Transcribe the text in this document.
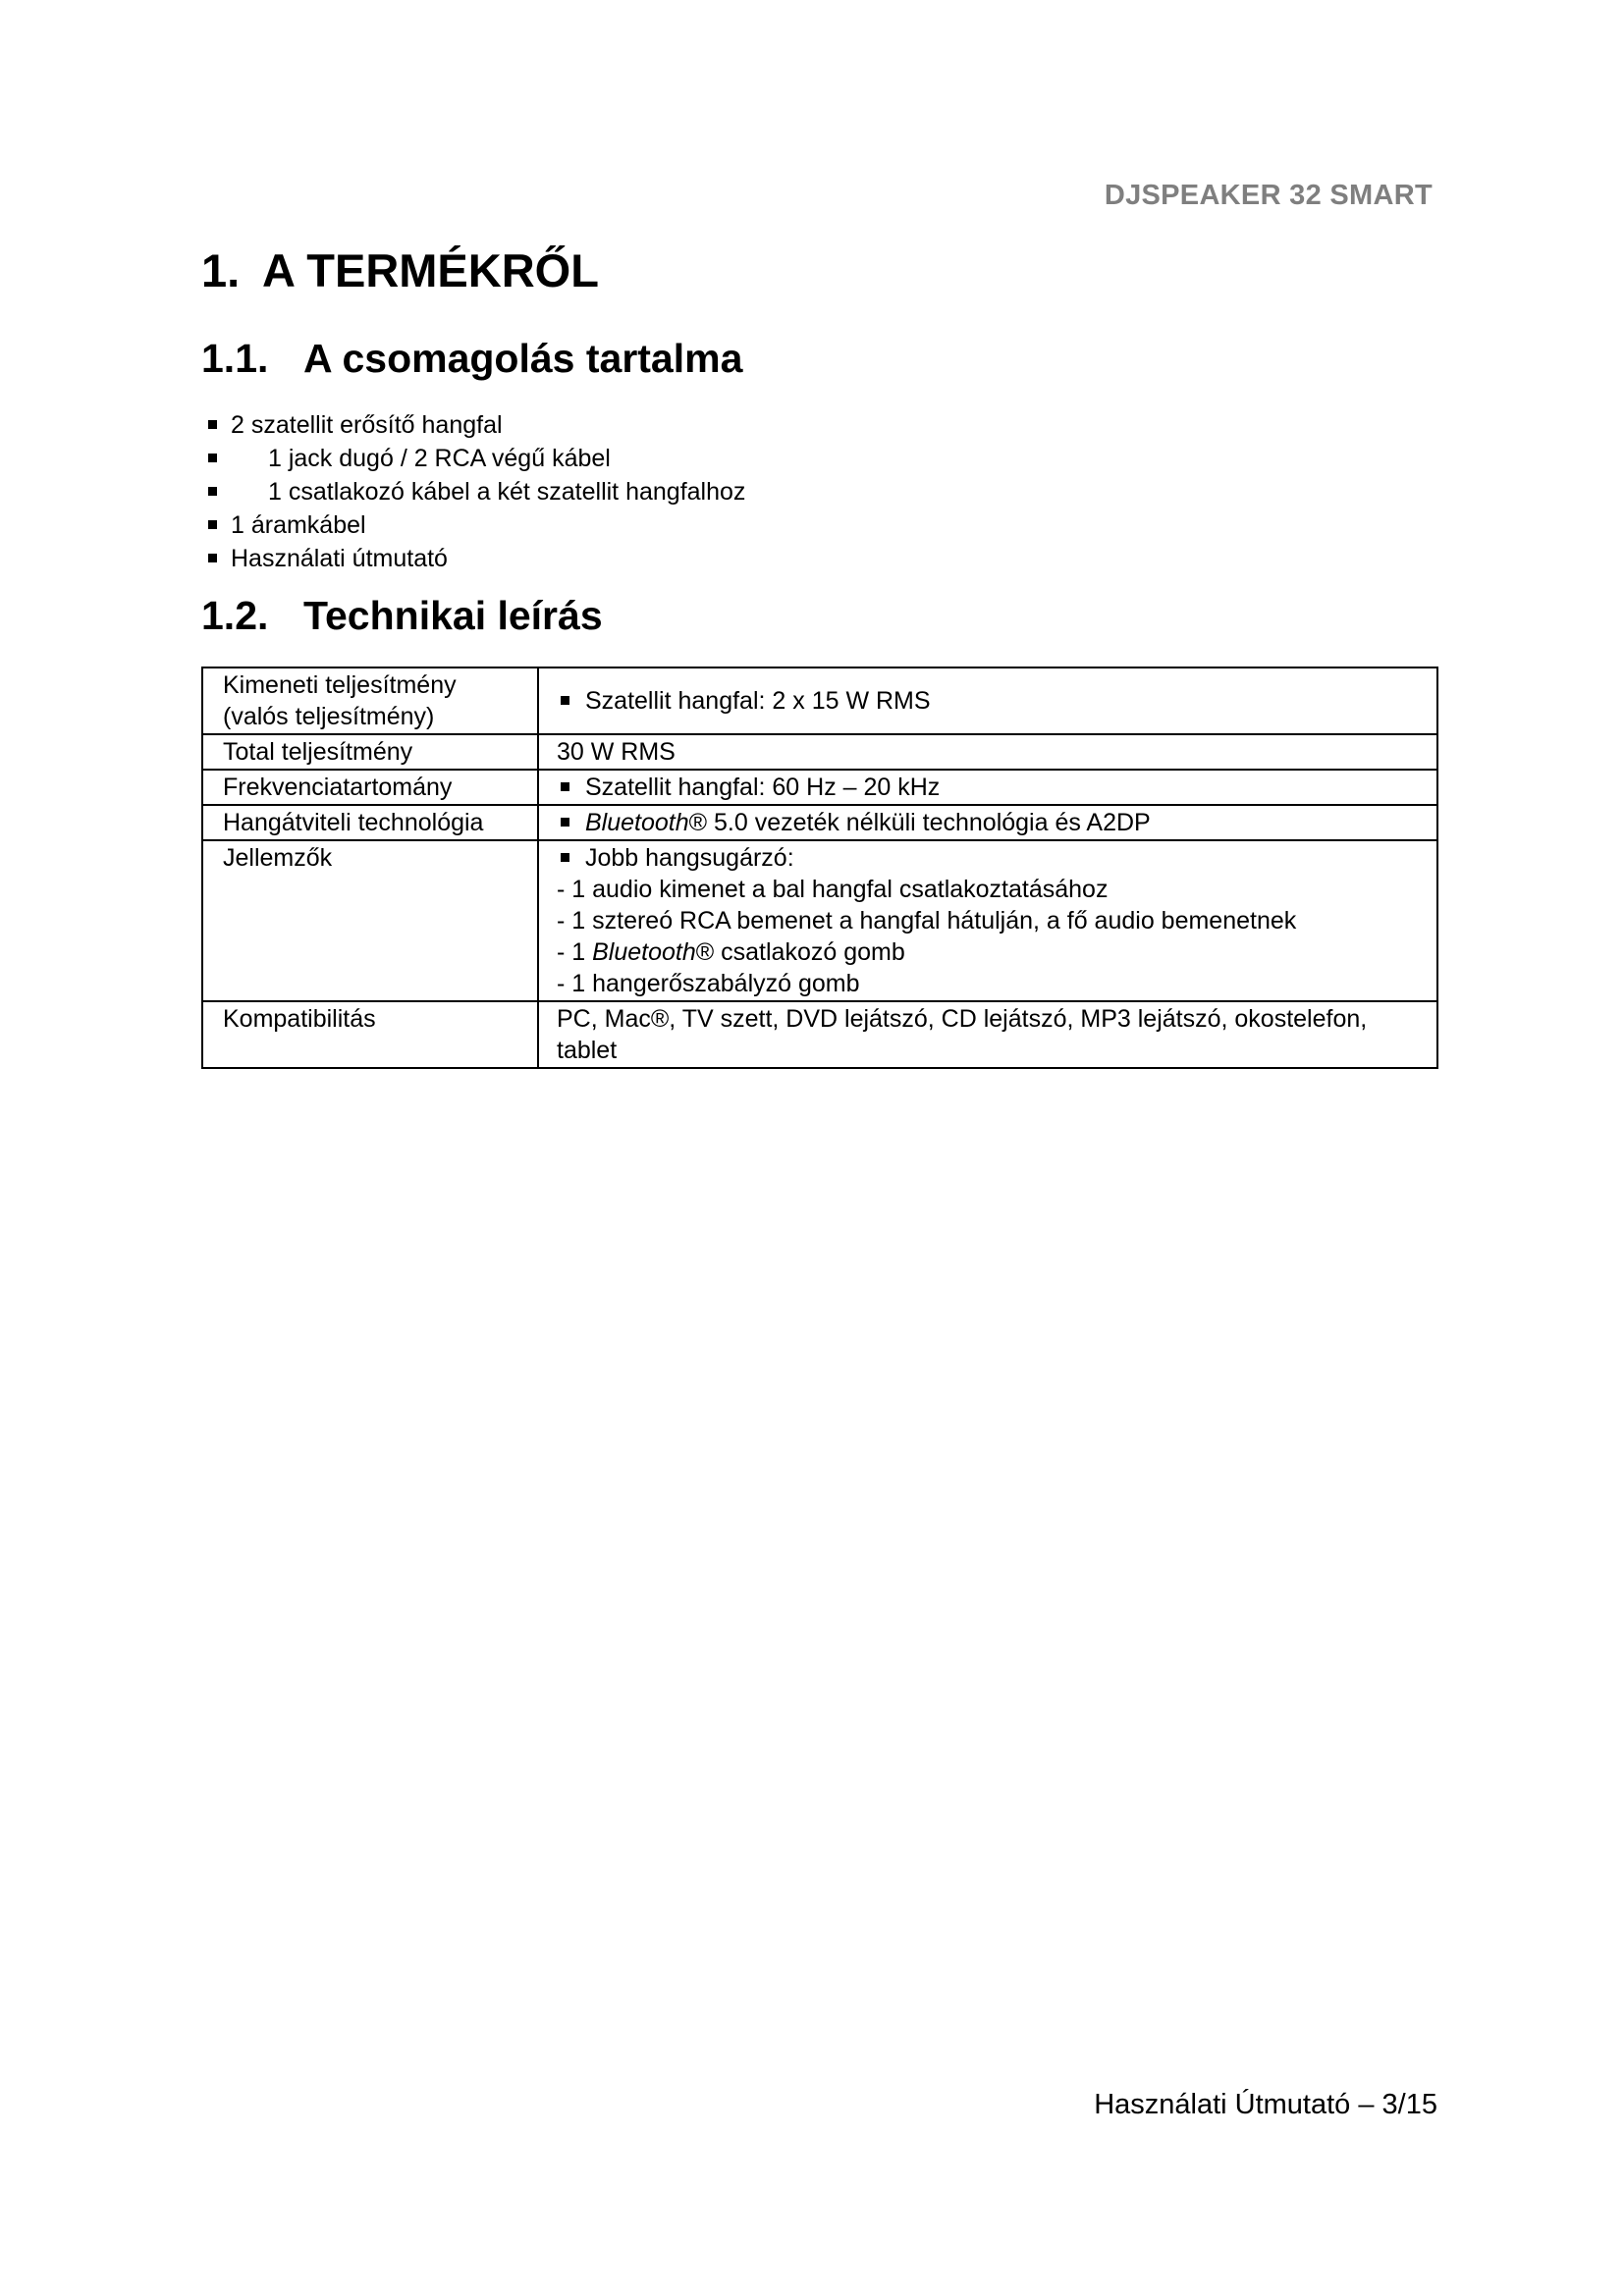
DJSPEAKER 32 SMART
1. A TERMÉKRŐL
1.1. A csomagolás tartalma
2 szatellit erősítő hangfal
1 jack dugó / 2 RCA végű kábel
1 csatlakozó kábel a két szatellit hangfalhoz
1 áramkábel
Használati útmutató
1.2. Technikai leírás
Kimeneti teljesítmény
(valós teljesítmény)	Szatellit hangfal: 2 x 15 W RMS
Total teljesítmény	30 W RMS
Frekvenciatartomány	Szatellit hangfal: 60 Hz – 20 kHz
Hangátviteli technológia	Bluetooth® 5.0 vezeték nélküli technológia és A2DP
Jellemzők	Jobb hangsugárzó:
- 1 audio kimenet a bal hangfal csatlakoztatásához
- 1 sztereó RCA bemenet a hangfal hátulján, a fő audio bemenetnek
- 1 Bluetooth® csatlakozó gomb
- 1 hangerőszabályzó gomb

Kompatibilitás	PC, Mac®, TV szett, DVD lejátszó, CD lejátszó, MP3 lejátszó, okostelefon, tablet
Használati Útmutató – 3/15
